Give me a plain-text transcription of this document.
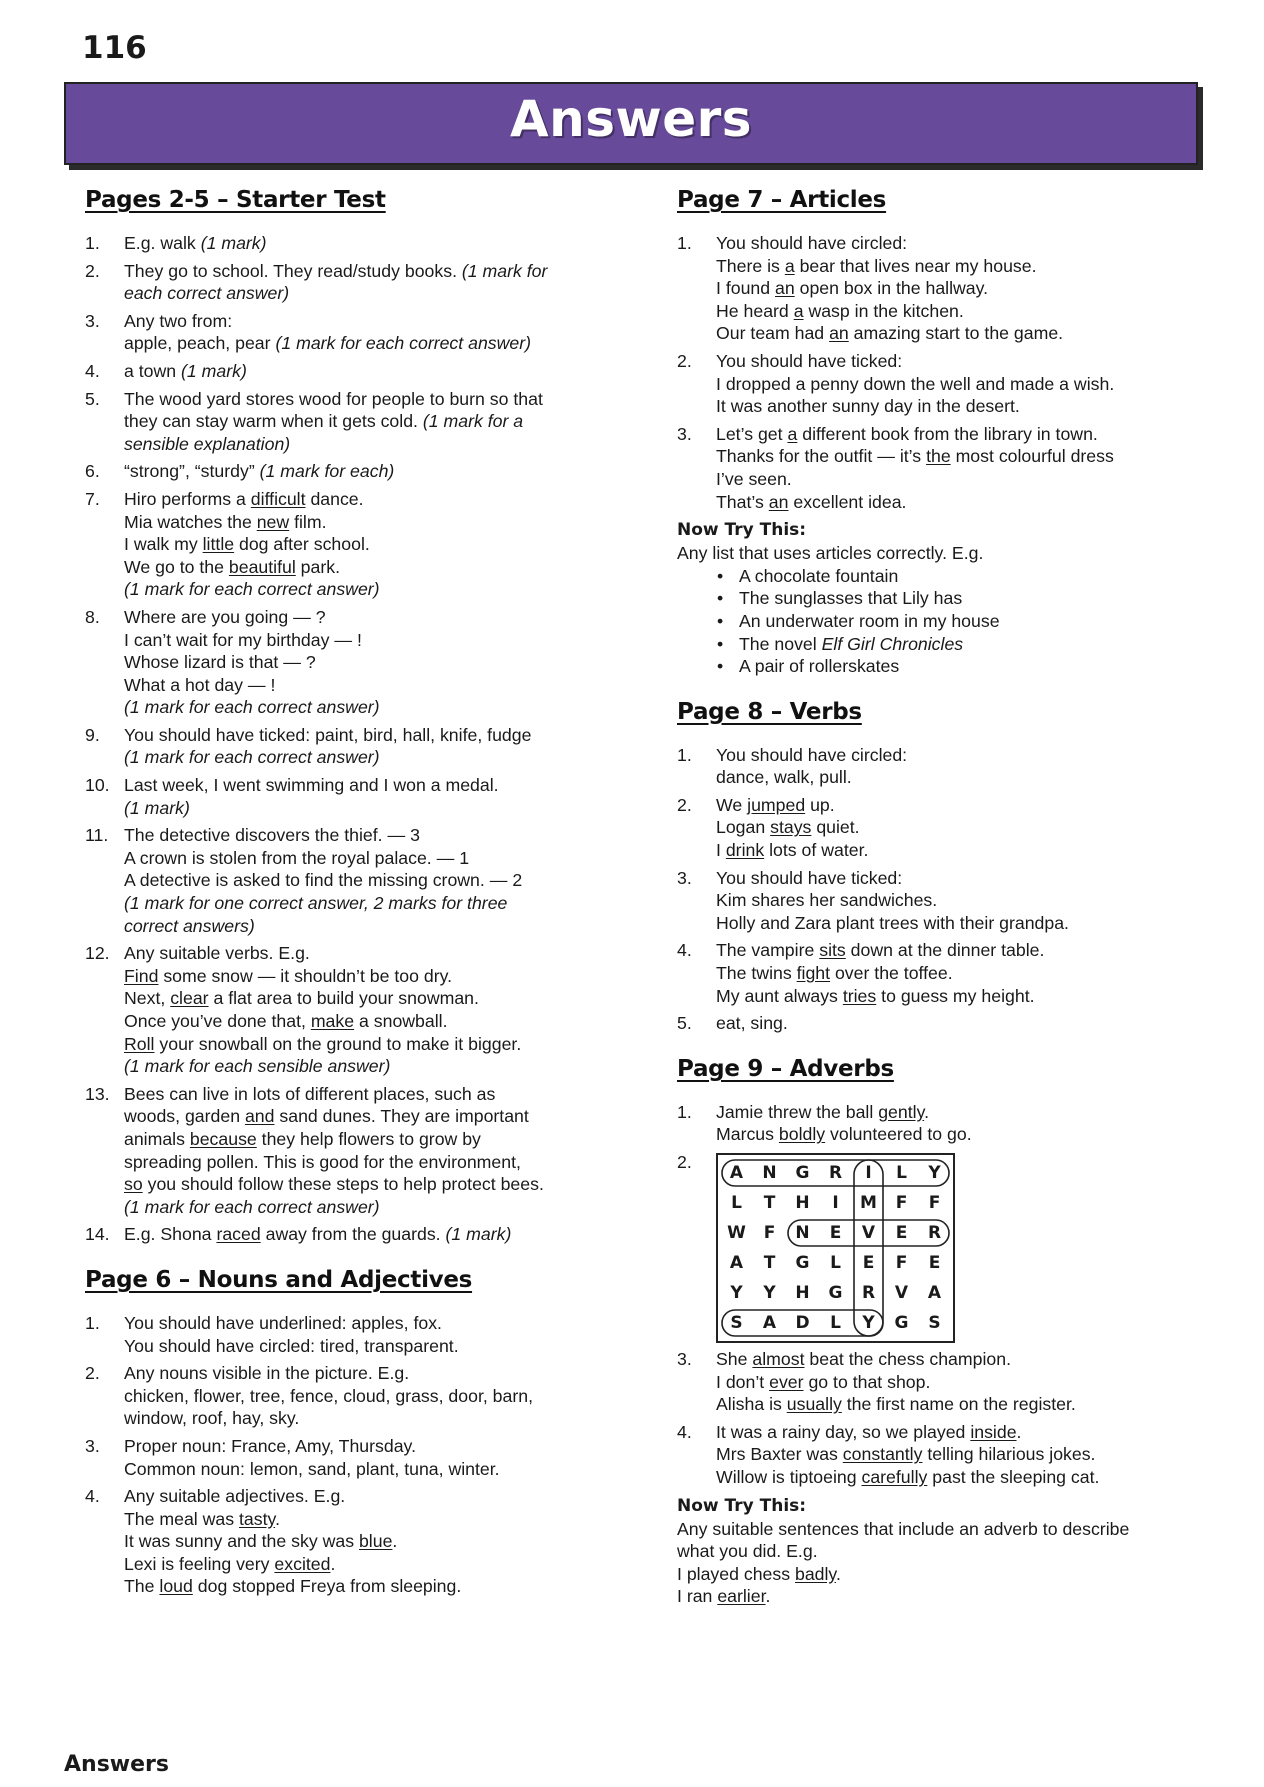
116
Answers
Pages 2-5 – Starter Test
1. E.g. walk (1 mark)
2. They go to school. They read/study books. (1 mark for
each correct answer)
3. Any two from:
apple, peach, pear (1 mark for each correct answer)
4. a town (1 mark)
5. The wood yard stores wood for people to burn so that
they can stay warm when it gets cold. (1 mark for a
sensible explanation)
6. “strong”, “sturdy” (1 mark for each)
7. Hiro performs a difficult dance.
Mia watches the new film.
I walk my little dog after school.
We go to the beautiful park.
(1 mark for each correct answer)
8. Where are you going — ?
I can’t wait for my birthday — !
Whose lizard is that — ?
What a hot day — !
(1 mark for each correct answer)
9. You should have ticked: paint, bird, hall, knife, fudge
(1 mark for each correct answer)
10. Last week, I went swimming and I won a medal.
(1 mark)
11. The detective discovers the thief. — 3
A crown is stolen from the royal palace. — 1
A detective is asked to find the missing crown. — 2
(1 mark for one correct answer, 2 marks for three
correct answers)
12. Any suitable verbs. E.g.
Find some snow — it shouldn’t be too dry.
Next, clear a flat area to build your snowman.
Once you’ve done that, make a snowball.
Roll your snowball on the ground to make it bigger.
(1 mark for each sensible answer)
13. Bees can live in lots of different places, such as
woods, garden and sand dunes. They are important
animals because they help flowers to grow by
spreading pollen. This is good for the environment,
so you should follow these steps to help protect bees.
(1 mark for each correct answer)
14. E.g. Shona raced away from the guards. (1 mark)
Page 6 – Nouns and Adjectives
1. You should have underlined: apples, fox.
You should have circled: tired, transparent.
2. Any nouns visible in the picture. E.g.
chicken, flower, tree, fence, cloud, grass, door, barn,
window, roof, hay, sky.
3. Proper noun: France, Amy, Thursday.
Common noun: lemon, sand, plant, tuna, winter.
4. Any suitable adjectives. E.g.
The meal was tasty.
It was sunny and the sky was blue.
Lexi is feeling very excited.
The loud dog stopped Freya from sleeping.
Page 7 – Articles
1. You should have circled:
There is a bear that lives near my house.
I found an open box in the hallway.
He heard a wasp in the kitchen.
Our team had an amazing start to the game.
2. You should have ticked:
I dropped a penny down the well and made a wish.
It was another sunny day in the desert.
3. Let’s get a different book from the library in town.
Thanks for the outfit — it’s the most colourful dress
I’ve seen.
That’s an excellent idea.
Now Try This:
Any list that uses articles correctly. E.g.
• A chocolate fountain
• The sunglasses that Lily has
• An underwater room in my house
• The novel Elf Girl Chronicles
• A pair of rollerskates
Page 8 – Verbs
1. You should have circled:
dance, walk, pull.
2. We jumped up.
Logan stays quiet.
I drink lots of water.
3. You should have ticked:
Kim shares her sandwiches.
Holly and Zara plant trees with their grandpa.
4. The vampire sits down at the dinner table.
The twins fight over the toffee.
My aunt always tries to guess my height.
5. eat, sing.
Page 9 – Adverbs
1. Jamie threw the ball gently.
Marcus boldly volunteered to go.
2.
A	N	G	R	I	L	Y
L	T	H	I	M	F	F
W	F	N	E	V	E	R
A	T	G	L	E	F	E
Y	Y	H	G	R	V	A
S	A	D	L	Y	G	S
3. She almost beat the chess champion.
I don’t ever go to that shop.
Alisha is usually the first name on the register.
4. It was a rainy day, so we played inside.
Mrs Baxter was constantly telling hilarious jokes.
Willow is tiptoeing carefully past the sleeping cat.
Now Try This:
Any suitable sentences that include an adverb to describe
what you did. E.g.
I played chess badly.
I ran earlier.
Answers
